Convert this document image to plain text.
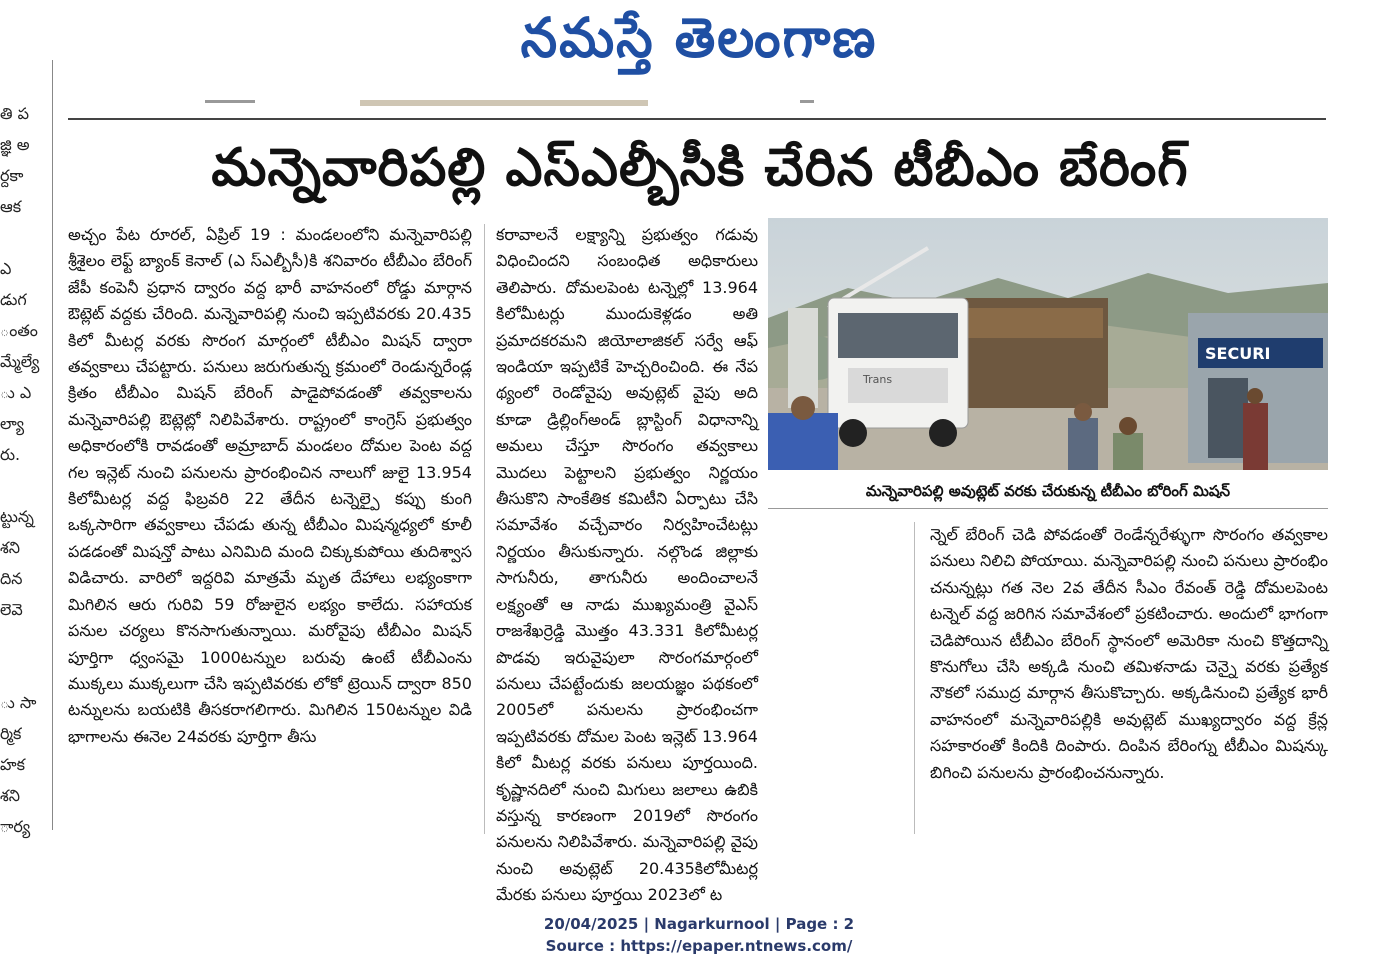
నమస్తే తెలంగాణ
తి ప
జ్ఞి అ
ర్దకా
ఆక
ఎ
డుగ
ంతం
మ్మేల్యే
ు ఎ
ల్యా
రు.
ట్టున్న
శని
దిన
లెవె
ు సా
ర్మిక
హక
శని
ార్య
మన్నెవారిపల్లి ఎస్ఎల్బీసీకి చేరిన టీబీఎం బేరింగ్

అచ్చం పేట రూరల్, ఏప్రిల్ 19 : మండలంలోని మన్నెవారిపల్లి శ్రీశైలం లెఫ్ట్ బ్యాంక్ కెనాల్ (ఎ స్ఎల్బీసీ)కి శనివారం టీబీఎం బేరింగ్ జేపీ కంపెనీ ప్రధాన ద్వారం వద్ద భారీ వాహనంలో రోడ్డు మార్గాన ఔట్లెట్ వద్దకు చేరింది. మన్నెవారిపల్లి నుంచి ఇప్పటివరకు 20.435 కిలో మీటర్ల వరకు సొరంగ మార్గంలో టీబీఎం మిషన్ ద్వారా తవ్వకాలు చేపట్టారు. పనులు జరుగుతున్న క్రమంలో రెండున్నరేండ్ల క్రితం టీబీఎం మిషన్ బేరింగ్ పాడైపోవడంతో తవ్వకాలను మన్నెవారిపల్లి ఔట్లెట్లో నిలిపివేశారు. రాష్ట్రంలో కాంగ్రెస్ ప్రభుత్వం అధికారంలోకి రావడంతో అమ్రాబాద్ మండలం దోమల పెంట వద్ద గల ఇన్లెట్ నుంచి పనులను ప్రారంభించిన నాలుగో జులై 13.954 కిలోమీటర్ల వద్ద ఫిబ్రవరి 22 తేదీన టన్నెల్పై కప్పు కుంగి ఒక్కసారిగా తవ్వకాలు చేపడు తున్న టీబీఎం మిషన్మధ్యలో కూలీ పడడంతో మిషన్తో పాటు ఎనిమిది మంది చిక్కుకుపోయి తుదిశ్వాస విడిచారు. వారిలో ఇద్దరివి మాత్రమే మృత దేహాలు లభ్యంకాగా మిగిలిన ఆరు గురివి 59 రోజులైన లభ్యం కాలేదు. సహాయక పనుల చర్యలు కొనసాగుతున్నాయి. మరోవైపు టీబీఎం మిషన్ పూర్తిగా ధ్వంసమై 1000టన్నుల బరువు ఉంటే టీబీఎంను ముక్కలు ముక్కలుగా చేసి ఇప్పటివరకు లోకో ట్రెయిన్ ద్వారా 850 టన్నులను బయటికి తీసకరాగలిగారు. మిగిలిన 150టన్నుల విడి భాగాలను ఈనెల 24వరకు పూర్తిగా తీసు

కరావాలనే లక్ష్యాన్ని ప్రభుత్వం గడువు విధించిందని సంబంధిత అధికారులు తెలిపారు. దోమలపెంట టన్నెల్లో 13.964 కిలోమీటర్లు ముందుకెళ్లడం అతి ప్రమాదకరమని జియోలాజికల్ సర్వే ఆఫ్ ఇండియా ఇప్పటికే హెచ్చరించింది. ఈ నేప థ్యంలో రెండోవైపు అవుట్లెట్ వైపు అది కూడా డ్రిల్లింగ్అండ్ బ్లాస్టింగ్ విధానాన్ని అమలు చేస్తూ సొరంగం తవ్వకాలు మొదలు పెట్టాలని ప్రభుత్వం నిర్ణయం తీసుకొని సాంకేతిక కమిటీని ఏర్పాటు చేసి సమావేశం వచ్చేవారం నిర్వహించేటట్లు నిర్ణయం తీసుకున్నారు. నల్గొండ జిల్లాకు సాగునీరు, తాగునీరు అందించాలనే లక్ష్యంతో ఆ నాడు ముఖ్యమంత్రి వైఎస్ రాజశేఖర్రెడ్డి మొత్తం 43.331 కిలోమీటర్ల పొడవు ఇరువైపులా సొరంగమార్గంలో పనులు చేపట్టేందుకు జలయజ్ఞం పథకంలో 2005లో పనులను ప్రారంభించగా ఇప్పటివరకు దోమల పెంట ఇన్లెట్ 13.964 కిలో మీటర్ల వరకు పనులు పూర్తయింది. కృష్ణానదిలో నుంచి మిగులు జలాలు ఉబికి వస్తున్న కారణంగా 2019లో సొరంగం పనులను నిలిపివేశారు. మన్నెవారిపల్లి వైపు నుంచి అవుట్లెట్ 20.435కిలోమీటర్ల మేరకు పనులు పూర్తయి 2023లో ట

Trans
SECURI
మన్నెవారిపల్లి అవుట్లెట్ వరకు చేరుకున్న టీబీఎం బోరింగ్ మిషన్

న్నెల్ బేరింగ్ చెడి పోవడంతో రెండేన్నరేళ్ళుగా సొరంగం తవ్వకాల పనులు నిలిచి పోయాయి. మన్నెవారిపల్లి నుంచి పనులు ప్రారంభిం చనున్నట్లు గత నెల 2వ తేదీన సీఎం రేవంత్ రెడ్డి దోమలపెంట టన్నెల్ వద్ద జరిగిన సమావేశంలో ప్రకటించారు. అందులో భాగంగా చెడిపోయిన టీబీఎం బేరింగ్ స్థానంలో అమెరికా నుంచి కొత్తదాన్ని కొనుగోలు చేసి అక్కడి నుంచి తమిళనాడు చెన్నై వరకు ప్రత్యేక నౌకలో సముద్ర మార్గాన తీసుకొచ్చారు. అక్కడినుంచి ప్రత్యేక భారీ వాహనంలో మన్నెవారిపల్లికి అవుట్లెట్ ముఖ్యద్వారం వద్ద క్రేన్ల సహకారంతో కిందికి దింపారు. దింపిన బేరింగ్ను టీబీఎం మిషన్కు బిగించి పనులను ప్రారంభించనున్నారు.

20/04/2025 | Nagarkurnool | Page : 2
Source : https://epaper.ntnews.com/
